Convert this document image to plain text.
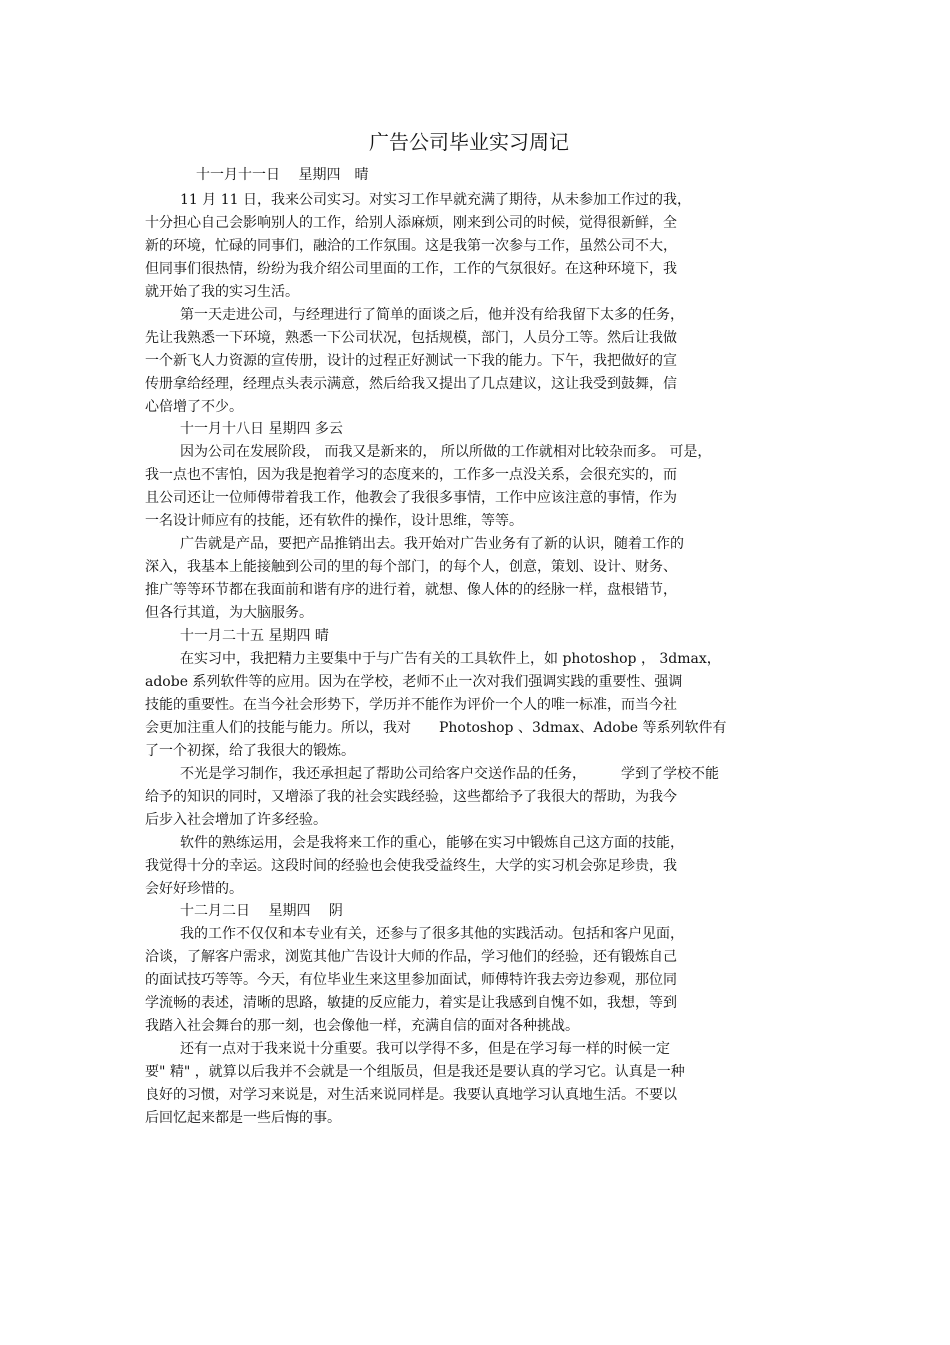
广告公司毕业实习周记
十一月十一日　 星期四　晴
11 月 11 日，我来公司实习。对实习工作早就充满了期待，从未参加工作过的我，
十分担心自己会影响别人的工作，给别人添麻烦，刚来到公司的时候，觉得很新鲜，全
新的环境，忙碌的同事们，融洽的工作氛围。这是我第一次参与工作，虽然公司不大，
但同事们很热情，纷纷为我介绍公司里面的工作，工作的气氛很好。在这种环境下，我
就开始了我的实习生活。
第一天走进公司，与经理进行了简单的面谈之后，他并没有给我留下太多的任务，
先让我熟悉一下环境，熟悉一下公司状况，包括规模，部门，人员分工等。然后让我做
一个新飞人力资源的宣传册，设计的过程正好测试一下我的能力。下午，我把做好的宣
传册拿给经理，经理点头表示满意，然后给我又提出了几点建议，这让我受到鼓舞，信
心倍增了不少。
十一月十八日 星期四 多云
因为公司在发展阶段， 而我又是新来的， 所以所做的工作就相对比较杂而多。 可是，
我一点也不害怕，因为我是抱着学习的态度来的，工作多一点没关系，会很充实的，而
且公司还让一位师傅带着我工作，他教会了我很多事情，工作中应该注意的事情，作为
一名设计师应有的技能，还有软件的操作，设计思维，等等。
广告就是产品，要把产品推销出去。我开始对广告业务有了新的认识，随着工作的
深入，我基本上能接触到公司的里的每个部门，的每个人，创意，策划、设计、财务、
推广等等环节都在我面前和谐有序的进行着，就想、像人体的的经脉一样，盘根错节，
但各行其道，为大脑服务。
十一月二十五 星期四 晴
在实习中，我把精力主要集中于与广告有关的工具软件上，如 photoshop ， 3dmax，
adobe 系列软件等的应用。因为在学校，老师不止一次对我们强调实践的重要性、强调
技能的重要性。在当今社会形势下，学历并不能作为评价一个人的唯一标准，而当今社
会更加注重人们的技能与能力。所以，我对　　Photoshop 、3dmax、Adobe 等系列软件有
了一个初探，给了我很大的锻炼。
不光是学习制作，我还承担起了帮助公司给客户交送作品的任务，　　　学到了学校不能
给予的知识的同时，又增添了我的社会实践经验，这些都给予了我很大的帮助，为我今
后步入社会增加了许多经验。
软件的熟练运用，会是我将来工作的重心，能够在实习中锻炼自己这方面的技能，
我觉得十分的幸运。这段时间的经验也会使我受益终生，大学的实习机会弥足珍贵，我
会好好珍惜的。
十二月二日　 星期四　 阴
我的工作不仅仅和本专业有关，还参与了很多其他的实践活动。包括和客户见面，
洽谈，了解客户需求，浏览其他广告设计大师的作品，学习他们的经验，还有锻炼自己
的面试技巧等等。今天，有位毕业生来这里参加面试，师傅特许我去旁边参观，那位同
学流畅的表述，清晰的思路，敏捷的反应能力，着实是让我感到自愧不如，我想，等到
我踏入社会舞台的那一刻，也会像他一样，充满自信的面对各种挑战。
还有一点对于我来说十分重要。我可以学得不多，但是在学习每一样的时候一定
要" 精" ，就算以后我并不会就是一个组版员，但是我还是要认真的学习它。认真是一种
良好的习惯，对学习来说是，对生活来说同样是。我要认真地学习认真地生活。不要以
后回忆起来都是一些后悔的事。
